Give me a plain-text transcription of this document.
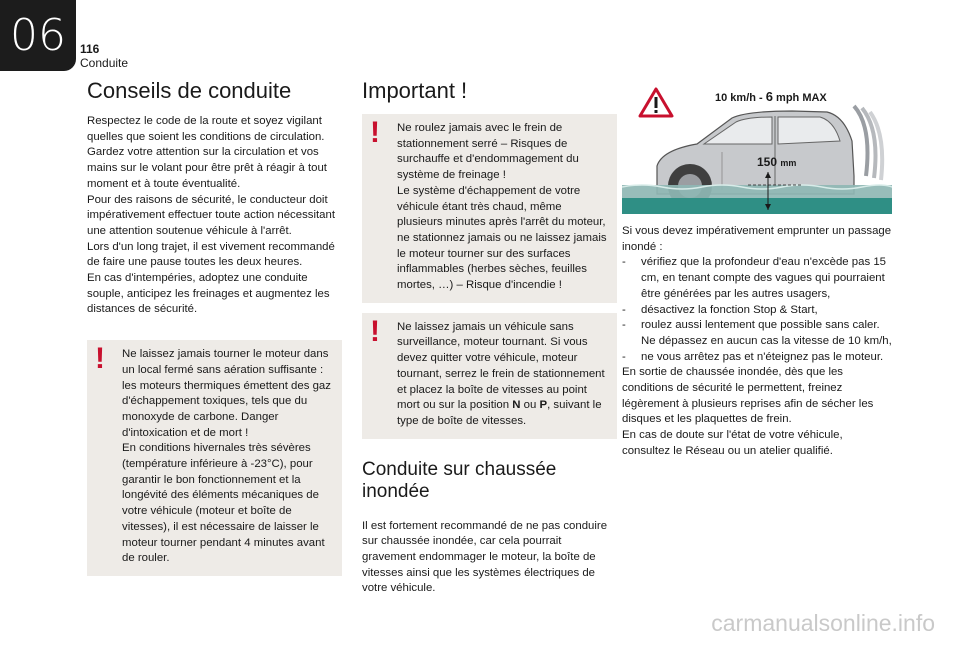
06	116
Conduite
Conseils de conduite

Respectez le code de la route et soyez vigilant quelles que soient les conditions de circulation.

Gardez votre attention sur la circulation et vos mains sur le volant pour être prêt à réagir à tout moment et à toute éventualité.

Pour des raisons de sécurité, le conducteur doit impérativement effectuer toute action nécessitant une attention soutenue véhicule à l'arrêt.

Lors d'un long trajet, il est vivement recommandé de faire une pause toutes les deux heures.

En cas d'intempéries, adoptez une conduite souple, anticipez les freinages et augmentez les distances de sécurité.

! Ne laissez jamais tourner le moteur dans un local fermé sans aération suffisante : les moteurs thermiques émettent des gaz d'échappement toxiques, tels que du monoxyde de carbone. Danger d'intoxication et de mort !

En conditions hivernales très sévères (température inférieure à -23°C), pour garantir le bon fonctionnement et la longévité des éléments mécaniques de votre véhicule (moteur et boîte de vitesses), il est nécessaire de laisser le moteur tourner pendant 4 minutes avant de rouler.

Important !
! Ne roulez jamais avec le frein de stationnement serré – Risques de surchauffe et d'endommagement du système de freinage !

Le système d'échappement de votre véhicule étant très chaud, même plusieurs minutes après l'arrêt du moteur, ne stationnez jamais ou ne laissez jamais le moteur tourner sur des surfaces inflammables (herbes sèches, feuilles mortes, …) – Risque d'incendie !

! Ne laissez jamais un véhicule sans surveillance, moteur tournant. Si vous devez quitter votre véhicule, moteur tournant, serrez le frein de stationnement et placez la boîte de vitesses au point mort ou sur la position N ou P, suivant le type de boîte de vitesses.

Conduite sur chaussée inondée

Il est fortement recommandé de ne pas conduire sur chaussée inondée, car cela pourrait gravement endommager le moteur, la boîte de vitesses ainsi que les systèmes électriques de votre véhicule.

10 km/h - 6 mph MAX
150 mm

Si vous devez impérativement emprunter un passage inondé :

- vérifiez que la profondeur d'eau n'excède pas 15 cm, en tenant compte des vagues qui pourraient être générées par les autres usagers,
- désactivez la fonction Stop & Start,
- roulez aussi lentement que possible sans caler. Ne dépassez en aucun cas la vitesse de 10 km/h,
- ne vous arrêtez pas et n'éteignez pas le moteur.

En sortie de chaussée inondée, dès que les conditions de sécurité le permettent, freinez légèrement à plusieurs reprises afin de sécher les disques et les plaquettes de frein.

En cas de doute sur l'état de votre véhicule, consultez le Réseau ou un atelier qualifié.

carmanualsonline.info
